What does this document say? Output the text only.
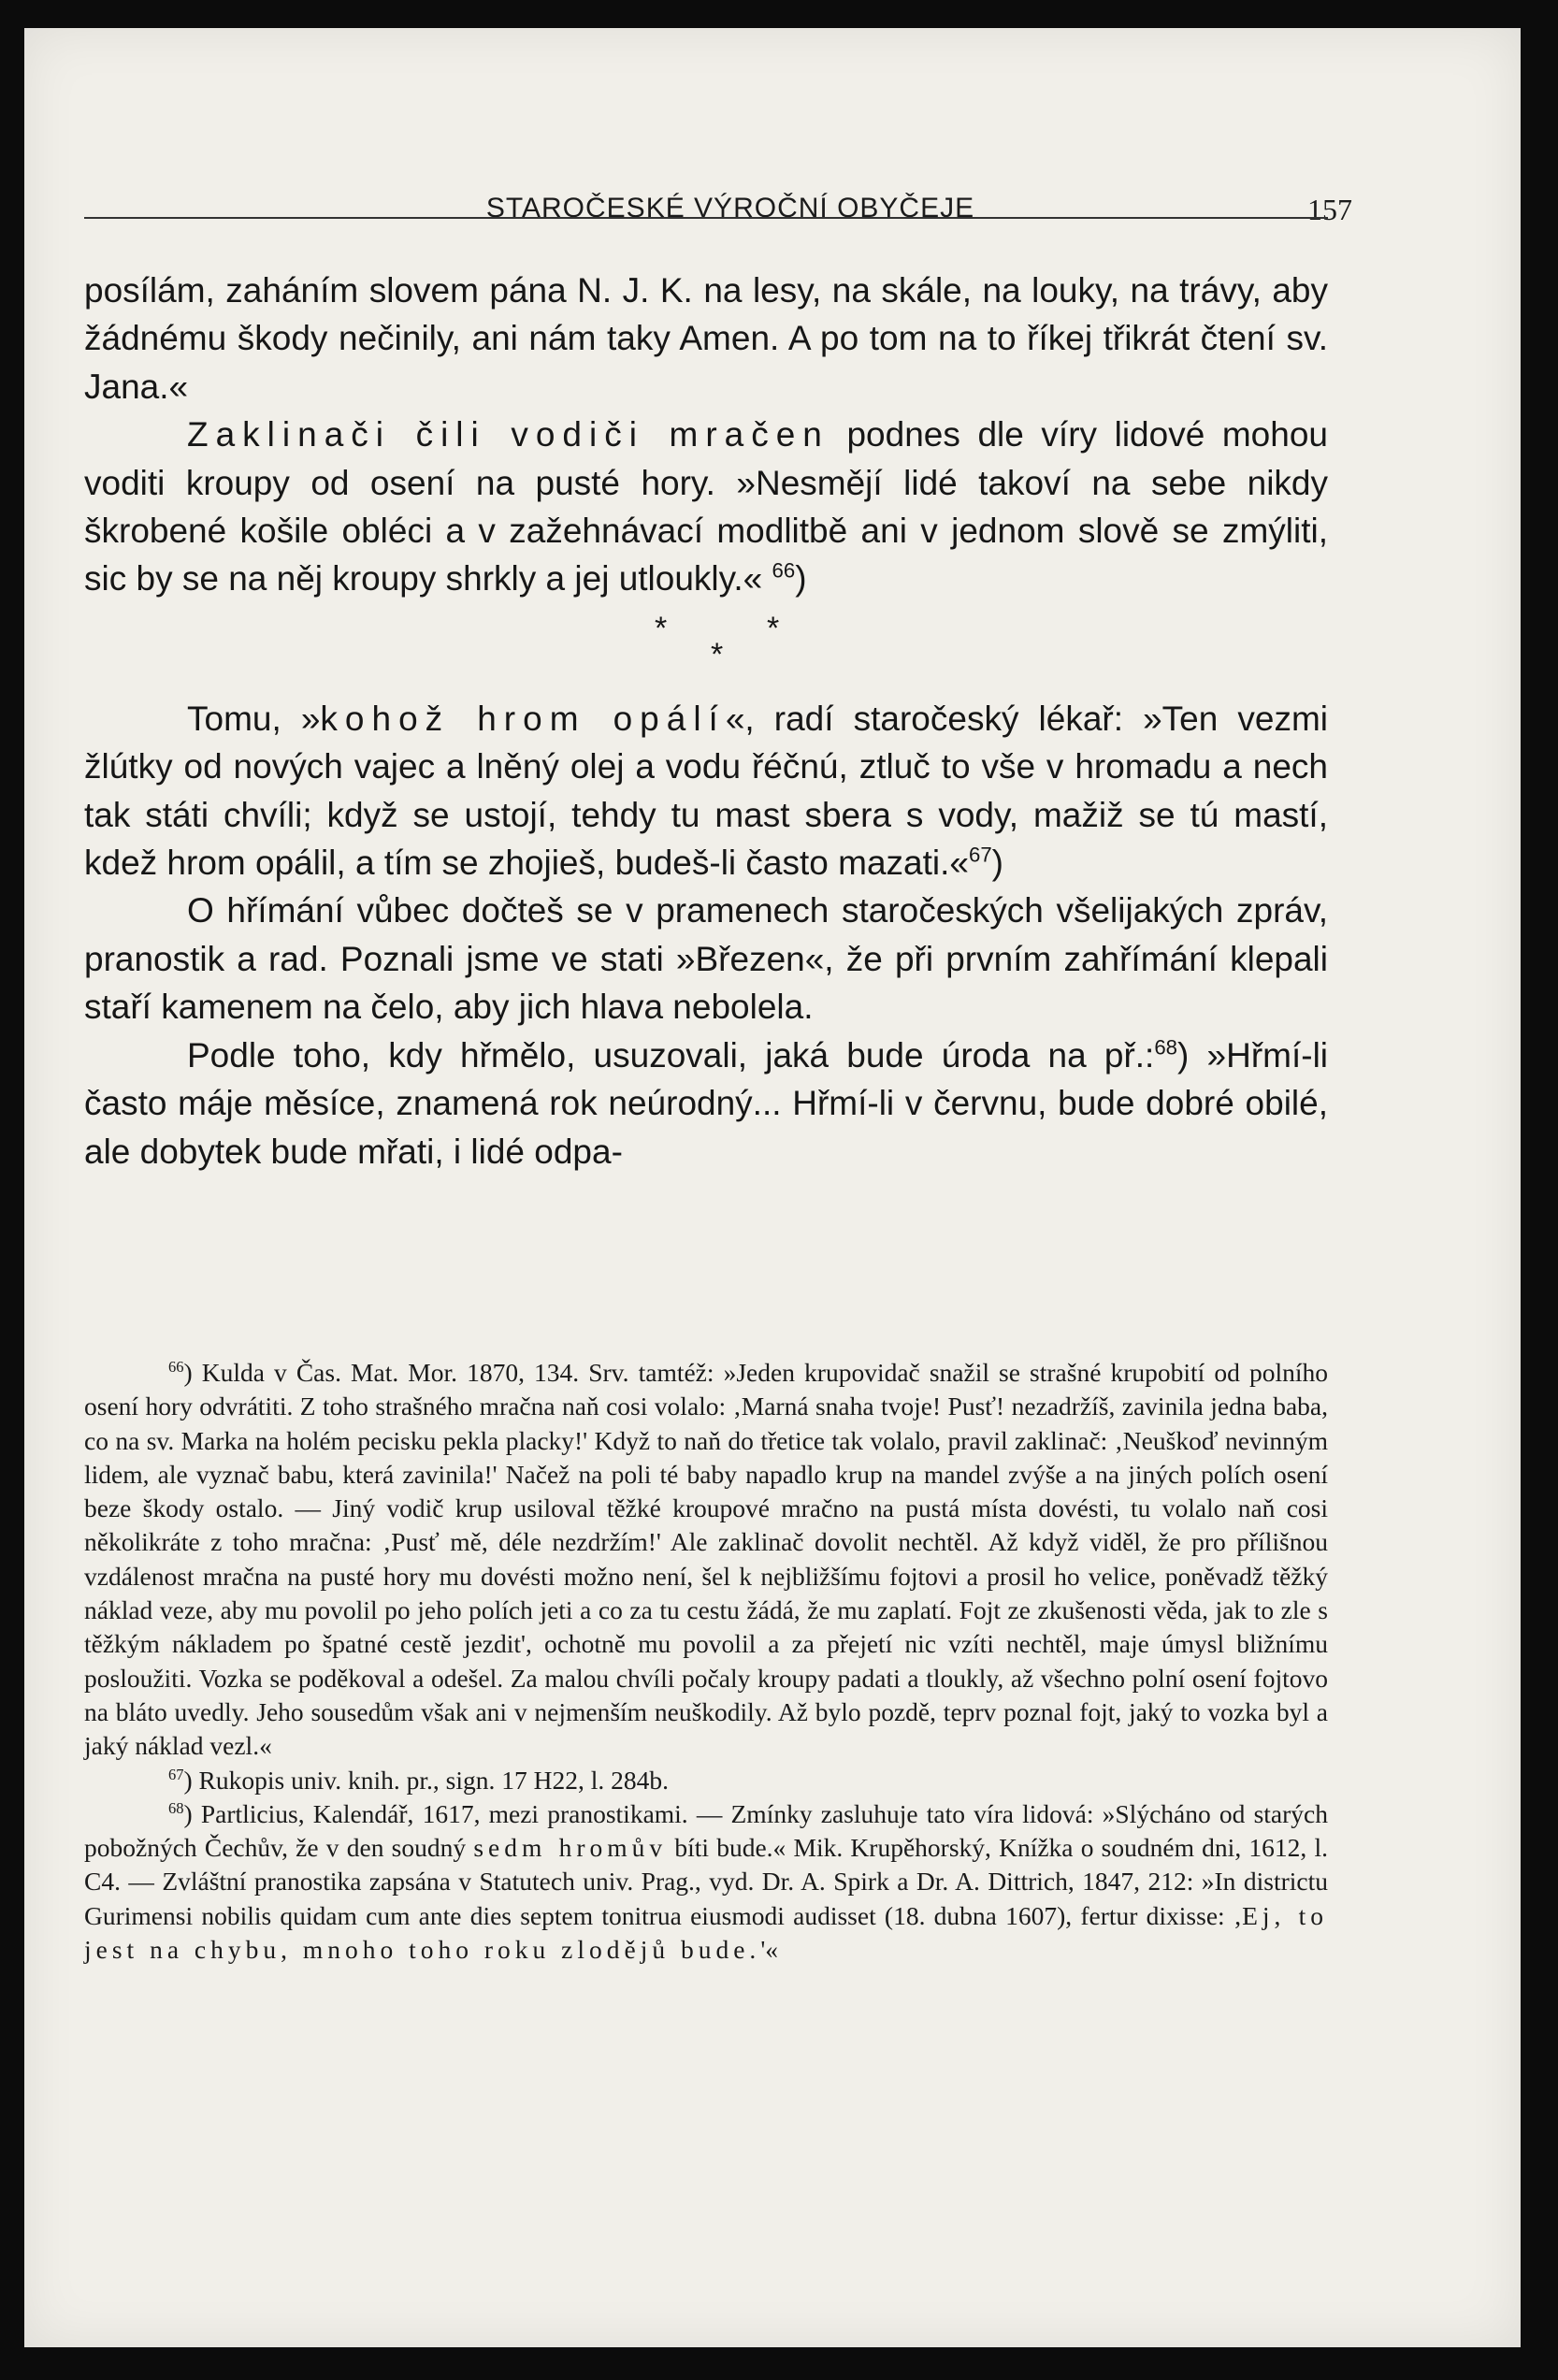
STAROČESKÉ VÝROČNÍ OBYČEJE	157

posílám, zaháním slovem pána N. J. K. na lesy, na skále, na louky, na trávy, aby žádnému škody nečinily, ani nám taky Amen. A po tom na to říkej třikrát čtení sv. Jana.«

Zaklinači čili vodiči mračen podnes dle víry lidové mohou voditi kroupy od osení na pusté hory. »Nesmějí lidé takoví na sebe nikdy škrobené košile obléci a v zažehnávací modlitbě ani v jednom slově se zmýliti, sic by se na něj kroupy shrkly a jej utloukly.« $^{66}$)

*	*
*

Tomu, »kohož hrom opálí«, radí staročeský lékař: »Ten vezmi žlútky od nových vajec a lněný olej a vodu řéčnú, ztluč to vše v hromadu a nech tak státi chvíli; když se ustojí, tehdy tu mast sbera s vody, mažiž se tú mastí, kdež hrom opálil, a tím se zhojieš, budeš-li často mazati.«$^{67}$)

O hřímání vůbec dočteš se v pramenech staročeských všelijakých zpráv, pranostik a rad. Poznali jsme ve stati »Březen«, že při prvním zahřímání klepali staří kamenem na čelo, aby jich hlava nebolela.

Podle toho, kdy hřmělo, usuzovali, jaká bude úroda na př.:$^{68}$) »Hřmí-li často máje měsíce, znamená rok neúrodný... Hřmí-li v červnu, bude dobré obilé, ale dobytek bude mřati, i lidé odpa-

$^{66}$) Kulda v Čas. Mat. Mor. 1870, 134. Srv. tamtéž: »Jeden krupovidač snažil se strašné krupobití od polního osení hory odvrátiti. Z toho strašného mračna naň cosi volalo: ‚Marná snaha tvoje! Pusť! nezadržíš, zavinila jedna baba, co na sv. Marka na holém pecisku pekla placky!' Když to naň do třetice tak volalo, pravil zaklinač: ‚Neuškoď nevinným lidem, ale vyznač babu, která zavinila!' Načež na poli té baby napadlo krup na mandel zvýše a na jiných polích osení beze škody ostalo. — Jiný vodič krup usiloval těžké kroupové mračno na pustá místa dovésti, tu volalo naň cosi několikráte z toho mračna: ‚Pusť mě, déle nezdržím!' Ale zaklinač dovolit nechtěl. Až když viděl, že pro přílišnou vzdálenost mračna na pusté hory mu dovésti možno není, šel k nejbližšímu fojtovi a prosil ho velice, poněvadž těžký náklad veze, aby mu povolil po jeho polích jeti a co za tu cestu žádá, že mu zaplatí. Fojt ze zkušenosti věda, jak to zle s těžkým nákladem po špatné cestě jezdit', ochotně mu povolil a za přejetí nic vzíti nechtěl, maje úmysl bližnímu posloužiti. Vozka se poděkoval a odešel. Za malou chvíli počaly kroupy padati a tloukly, až všechno polní osení fojtovo na bláto uvedly. Jeho sousedům však ani v nejmenším neuškodily. Až bylo pozdě, teprv poznal fojt, jaký to vozka byl a jaký náklad vezl.«

$^{67}$) Rukopis univ. knih. pr., sign. 17 H22, l. 284b.

$^{68}$) Partlicius, Kalendář, 1617, mezi pranostikami. — Zmínky zasluhuje tato víra lidová: »Slýcháno od starých pobožných Čechův, že v den soudný sedm hromův bíti bude.« Mik. Krupěhorský, Knížka o soudném dni, 1612, l. C4. — Zvláštní pranostika zapsána v Statutech univ. Prag., vyd. Dr. A. Spirk a Dr. A. Dittrich, 1847, 212: »In districtu Gurimensi nobilis quidam cum ante dies septem tonitrua eiusmodi audisset (18. dubna 1607), fertur dixisse: ‚Ej, to jest na chybu, mnoho toho roku zlodějů bude.'«
